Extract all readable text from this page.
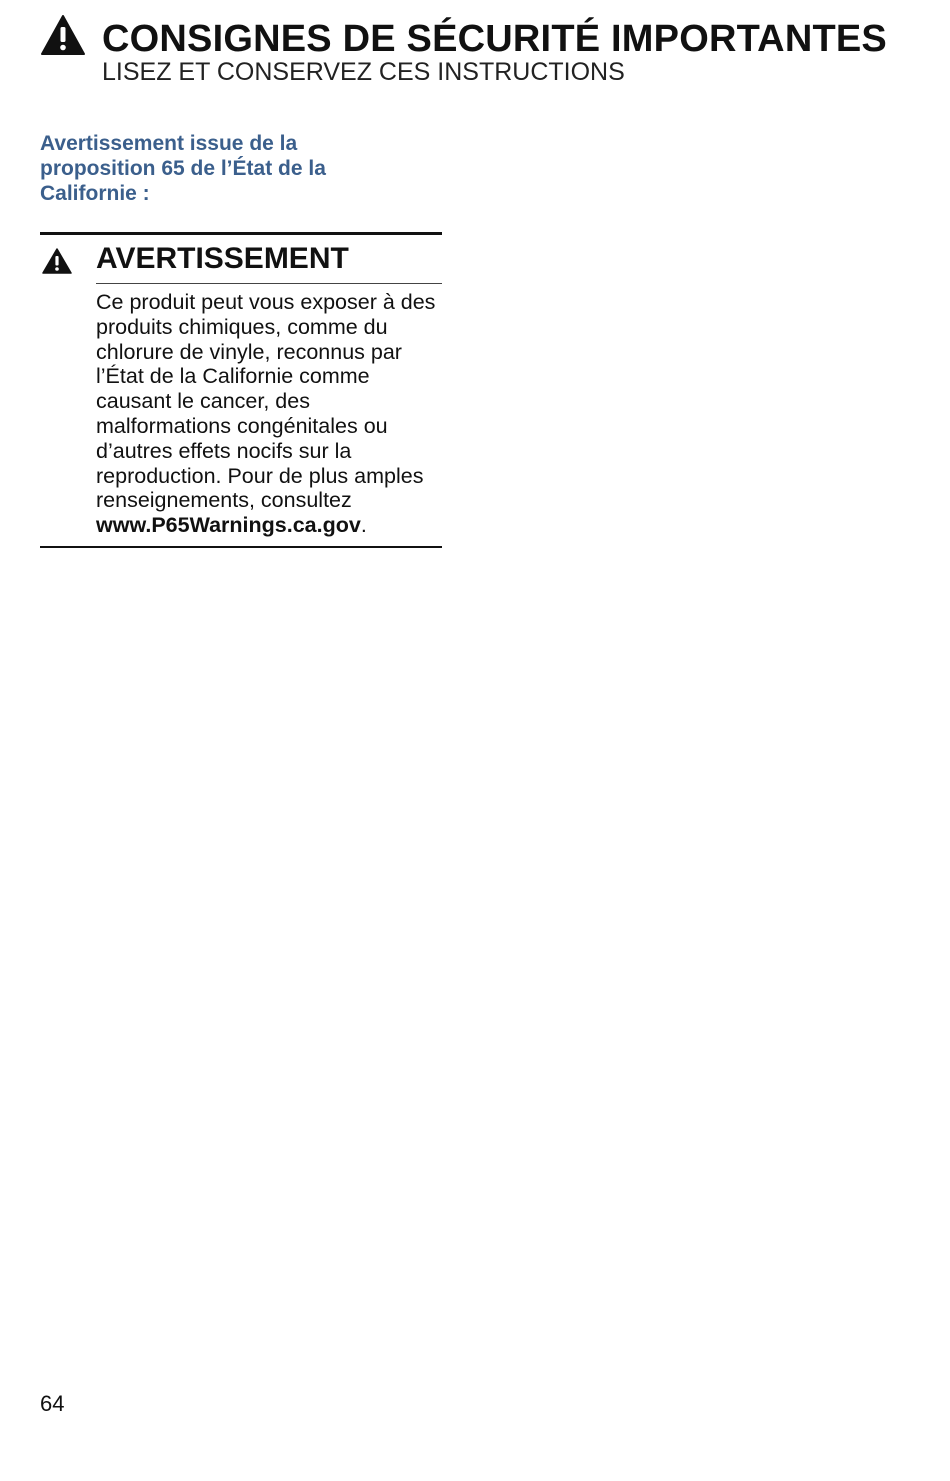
CONSIGNES DE SÉCURITÉ IMPORTANTES
LISEZ ET CONSERVEZ CES INSTRUCTIONS
Avertissement issue de la proposition 65 de l’État de la Californie :
AVERTISSEMENT
Ce produit peut vous exposer à des produits chimiques, comme du chlorure de vinyle, reconnus par l’État de la Californie comme causant le cancer, des malformations congénitales ou d’autres effets nocifs sur la reproduction. Pour de plus amples renseignements, consultez www.P65Warnings.ca.gov.
64
